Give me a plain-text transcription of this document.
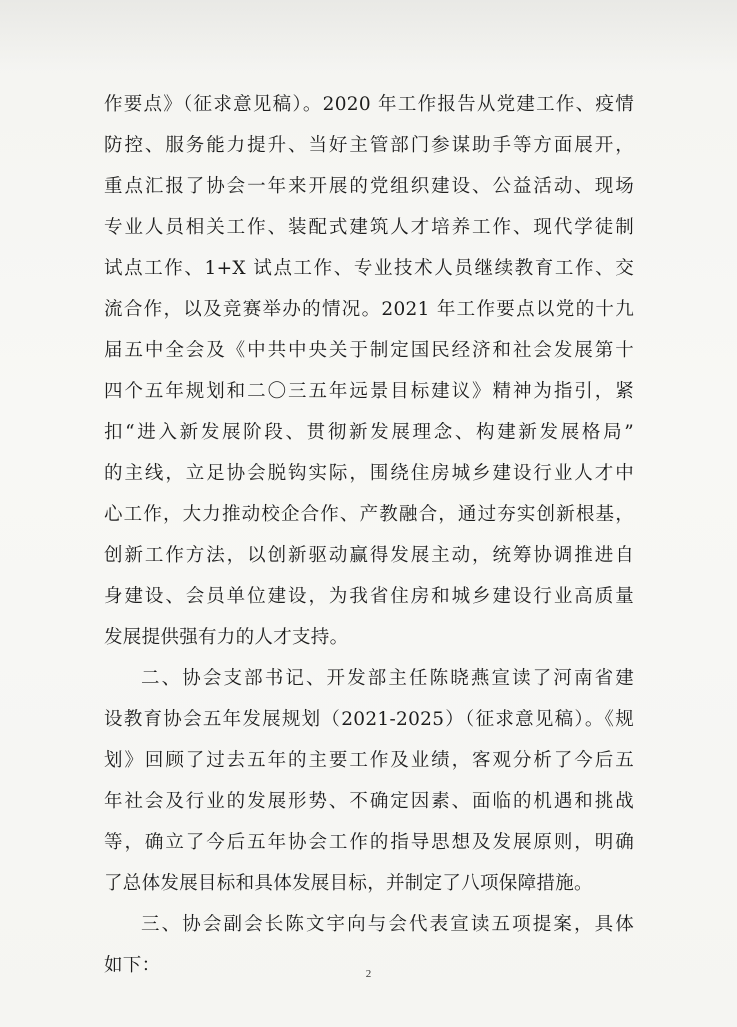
作要点》（征求意见稿）。2020 年工作报告从党建工作、疫情
防控、服务能力提升、当好主管部门参谋助手等方面展开，
重点汇报了协会一年来开展的党组织建设、公益活动、现场
专业人员相关工作、装配式建筑人才培养工作、现代学徒制
试点工作、1+X 试点工作、专业技术人员继续教育工作、交
流合作，以及竞赛举办的情况。2021 年工作要点以党的十九
届五中全会及《中共中央关于制定国民经济和社会发展第十
四个五年规划和二〇三五年远景目标建议》精神为指引，紧
扣“进入新发展阶段、贯彻新发展理念、构建新发展格局”
的主线，立足协会脱钩实际，围绕住房城乡建设行业人才中
心工作，大力推动校企合作、产教融合，通过夯实创新根基，
创新工作方法，以创新驱动赢得发展主动，统筹协调推进自
身建设、会员单位建设，为我省住房和城乡建设行业高质量
发展提供强有力的人才支持。
二、协会支部书记、开发部主任陈晓燕宣读了河南省建
设教育协会五年发展规划（2021-2025）（征求意见稿）。《规
划》回顾了过去五年的主要工作及业绩，客观分析了今后五
年社会及行业的发展形势、不确定因素、面临的机遇和挑战
等，确立了今后五年协会工作的指导思想及发展原则，明确
了总体发展目标和具体发展目标，并制定了八项保障措施。
三、协会副会长陈文宇向与会代表宣读五项提案，具体
如下：	2
